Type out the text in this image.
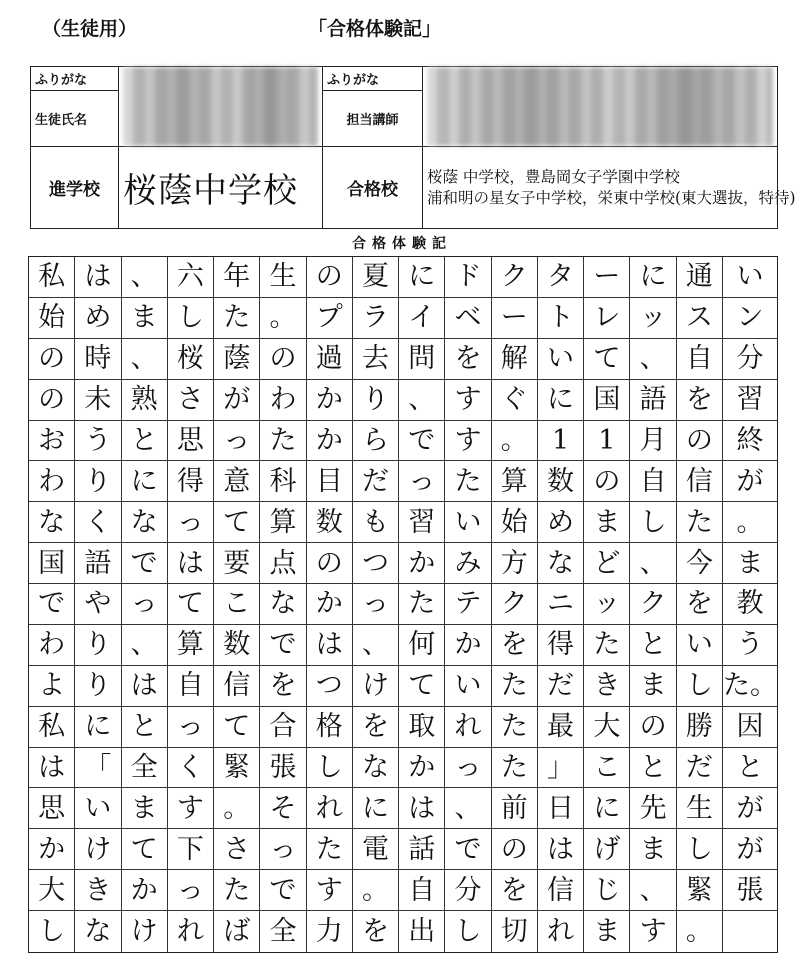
（生徒用）	「合格体験記」
ふりがな		ふりがな	

生徒氏名		担当講師	
進学校	桜蔭中学校	合格校	桜蔭 中学校，豊島岡女子学園中学校
浦和明の星女子中学校，栄東中学校(東大選抜，特待)
合格体験記
私 は 、 六 年 生 の 夏 に ド ク タ ー に 通 い
始 め ま し た 。 プ ラ イ ベ ー ト レ ッ ス ン
の 時 、 桜 蔭 の 過 去 問 を 解 い て 、 自 分
の 未 熟 さ が わ か り 、 す ぐ に 国 語 を 習
お う と 思 っ た か ら で す 。 1	1 月 の 終
わ り に 得 意 科 目 だ っ た 算 数 の 自 信 が
な く な っ て 算 数 も 習 い 始 め ま し た 。
国 語 で は 要 点 の つ か み 方 な ど 、 今 ま
で や っ て こ な か っ た テ ク ニ ッ ク を 教
わ り 、 算 数 で は 、 何 か を 得 た と い う
よ り は 自 信 を つ け て い た だ き ま し た。
私 に と っ て 合 格 を 取 れ た 最 大 の 勝 因
は 「 全 く 緊 張 し な か っ た 」 こ と だ と
思 い ま す 。 そ れ に は 、 前 日 に 先 生 が
か け て 下 さ っ た 電 話 で の は げ ま し が
大 き か っ た で す 。 自 分 を 信 じ 、 緊 張
し な け れ ば 全 力 を 出 し 切 れ ま す 。
